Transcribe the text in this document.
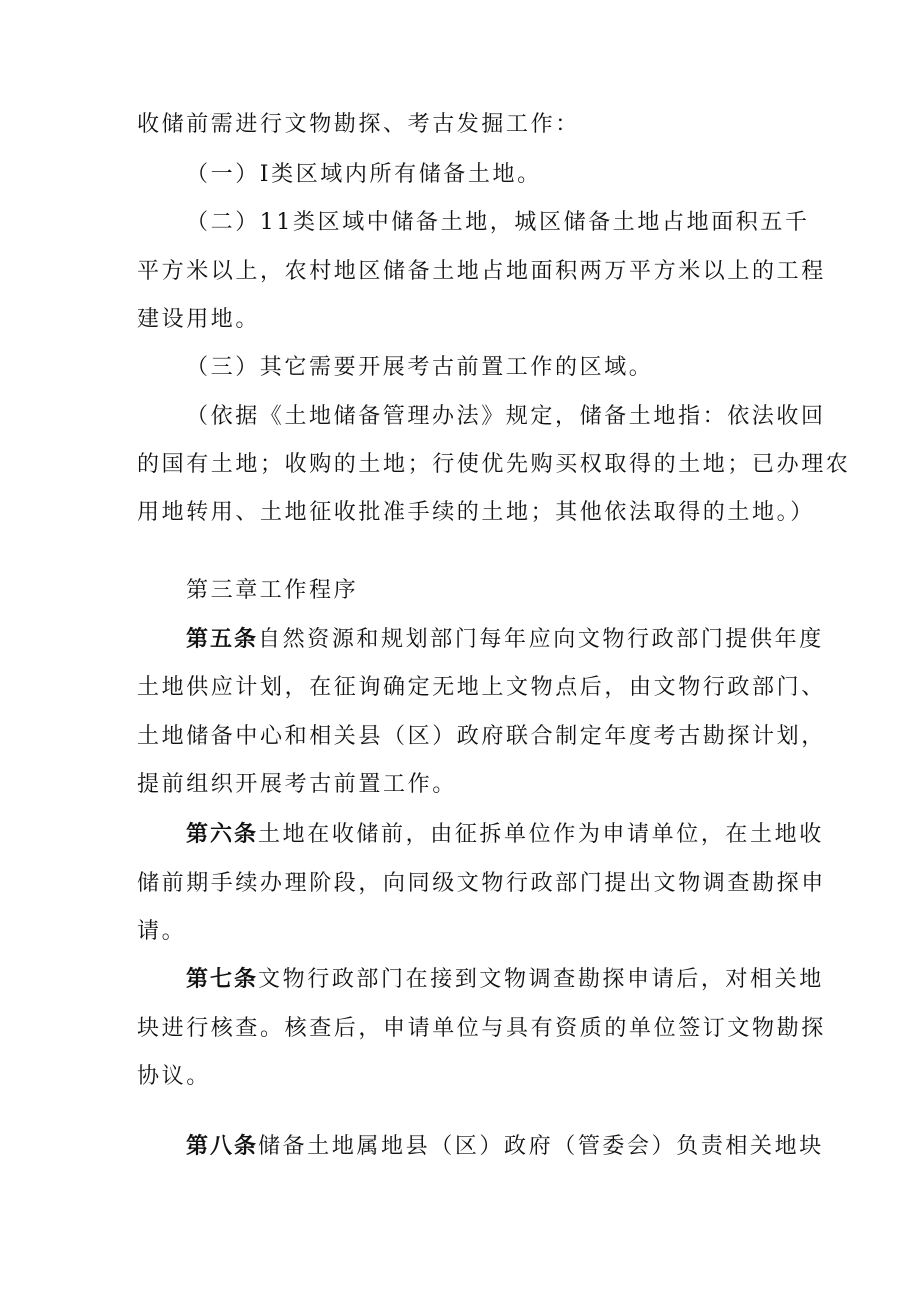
收储前需进行文物勘探、考古发掘工作：
（一）Ⅰ类区域内所有储备土地。
（二）11类区域中储备土地，城区储备土地占地面积五千
平方米以上，农村地区储备土地占地面积两万平方米以上的工程
建设用地。
（三）其它需要开展考古前置工作的区域。
（依据《土地储备管理办法》规定，储备土地指：依法收回
的国有土地；收购的土地；行使优先购买权取得的土地；已办理农
用地转用、土地征收批准手续的土地；其他依法取得的土地。）
第三章工作程序
第五条自然资源和规划部门每年应向文物行政部门提供年度
土地供应计划，在征询确定无地上文物点后，由文物行政部门、
土地储备中心和相关县（区）政府联合制定年度考古勘探计划，
提前组织开展考古前置工作。
第六条土地在收储前，由征拆单位作为申请单位，在土地收
储前期手续办理阶段，向同级文物行政部门提出文物调查勘探申
请。
第七条文物行政部门在接到文物调查勘探申请后，对相关地
块进行核查。核查后，申请单位与具有资质的单位签订文物勘探
协议。
第八条储备土地属地县（区）政府（管委会）负责相关地块
